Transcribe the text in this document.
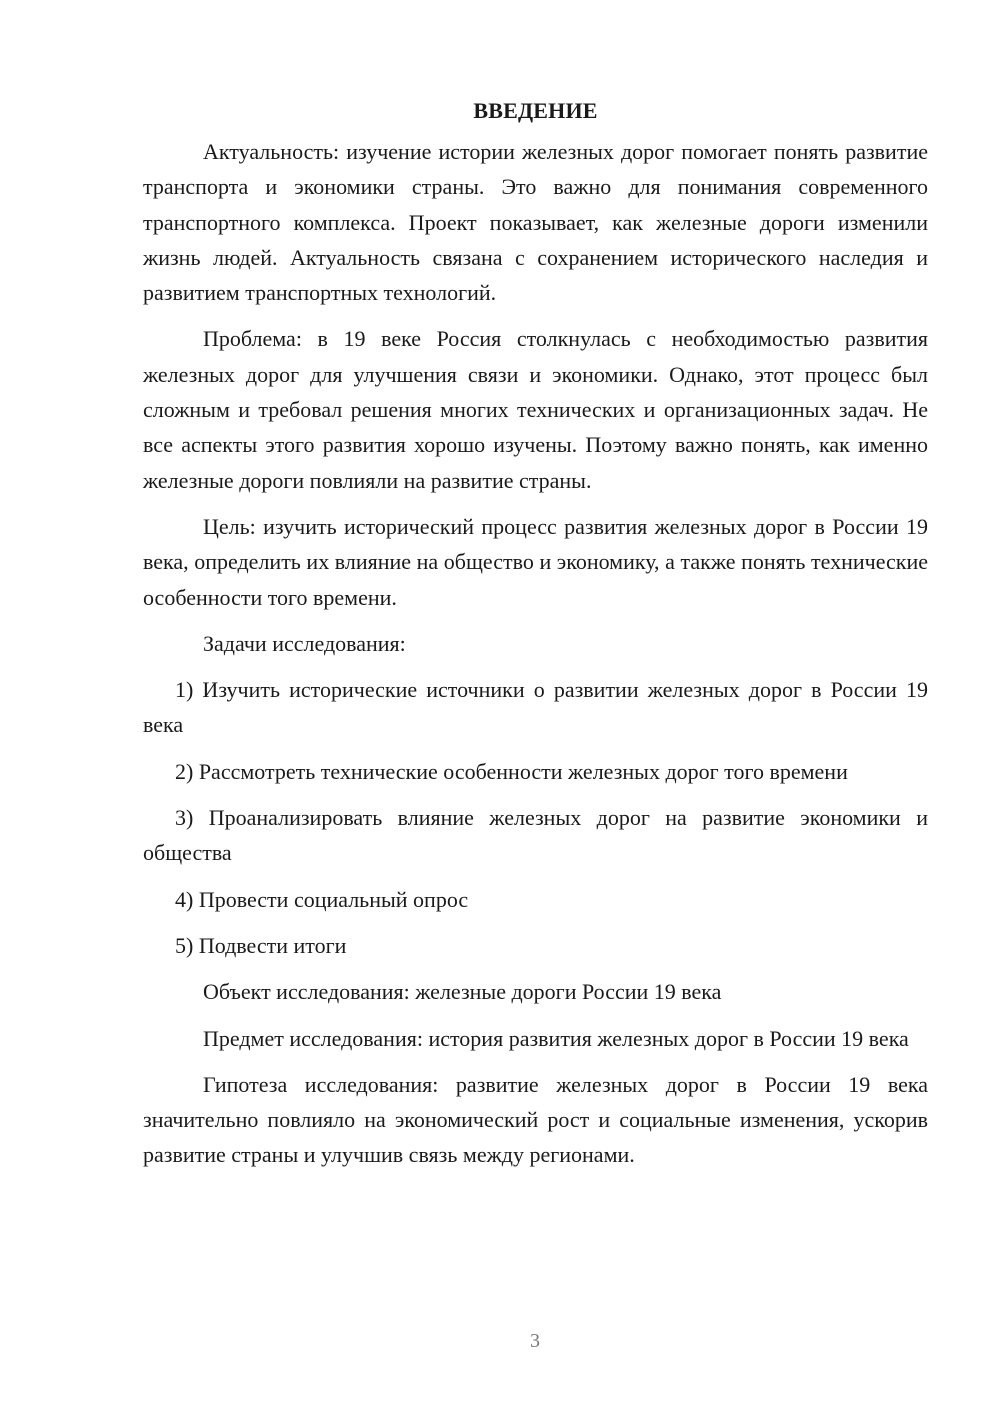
ВВЕДЕНИЕ

Актуальность: изучение истории железных дорог помогает понять развитие транспорта и экономики страны. Это важно для понимания современного транспортного комплекса. Проект показывает, как железные дороги изменили жизнь людей. Актуальность связана с сохранением исторического наследия и развитием транспортных технологий.

Проблема: в 19 веке Россия столкнулась с необходимостью развития железных дорог для улучшения связи и экономики. Однако, этот процесс был сложным и требовал решения многих технических и организационных задач. Не все аспекты этого развития хорошо изучены. Поэтому важно понять, как именно железные дороги повлияли на развитие страны.

Цель: изучить исторический процесс развития железных дорог в России 19 века, определить их влияние на общество и экономику, а также понять технические особенности того времени.

Задачи исследования:

1) Изучить исторические источники о развитии железных дорог в России 19 века

2) Рассмотреть технические особенности железных дорог того времени

3) Проанализировать влияние железных дорог на развитие экономики и общества

4) Провести социальный опрос

5) Подвести итоги

Объект исследования: железные дороги России 19 века

Предмет исследования: история развития железных дорог в России 19 века

Гипотеза исследования: развитие железных дорог в России 19 века значительно повлияло на экономический рост и социальные изменения, ускорив развитие страны и улучшив связь между регионами.

3
